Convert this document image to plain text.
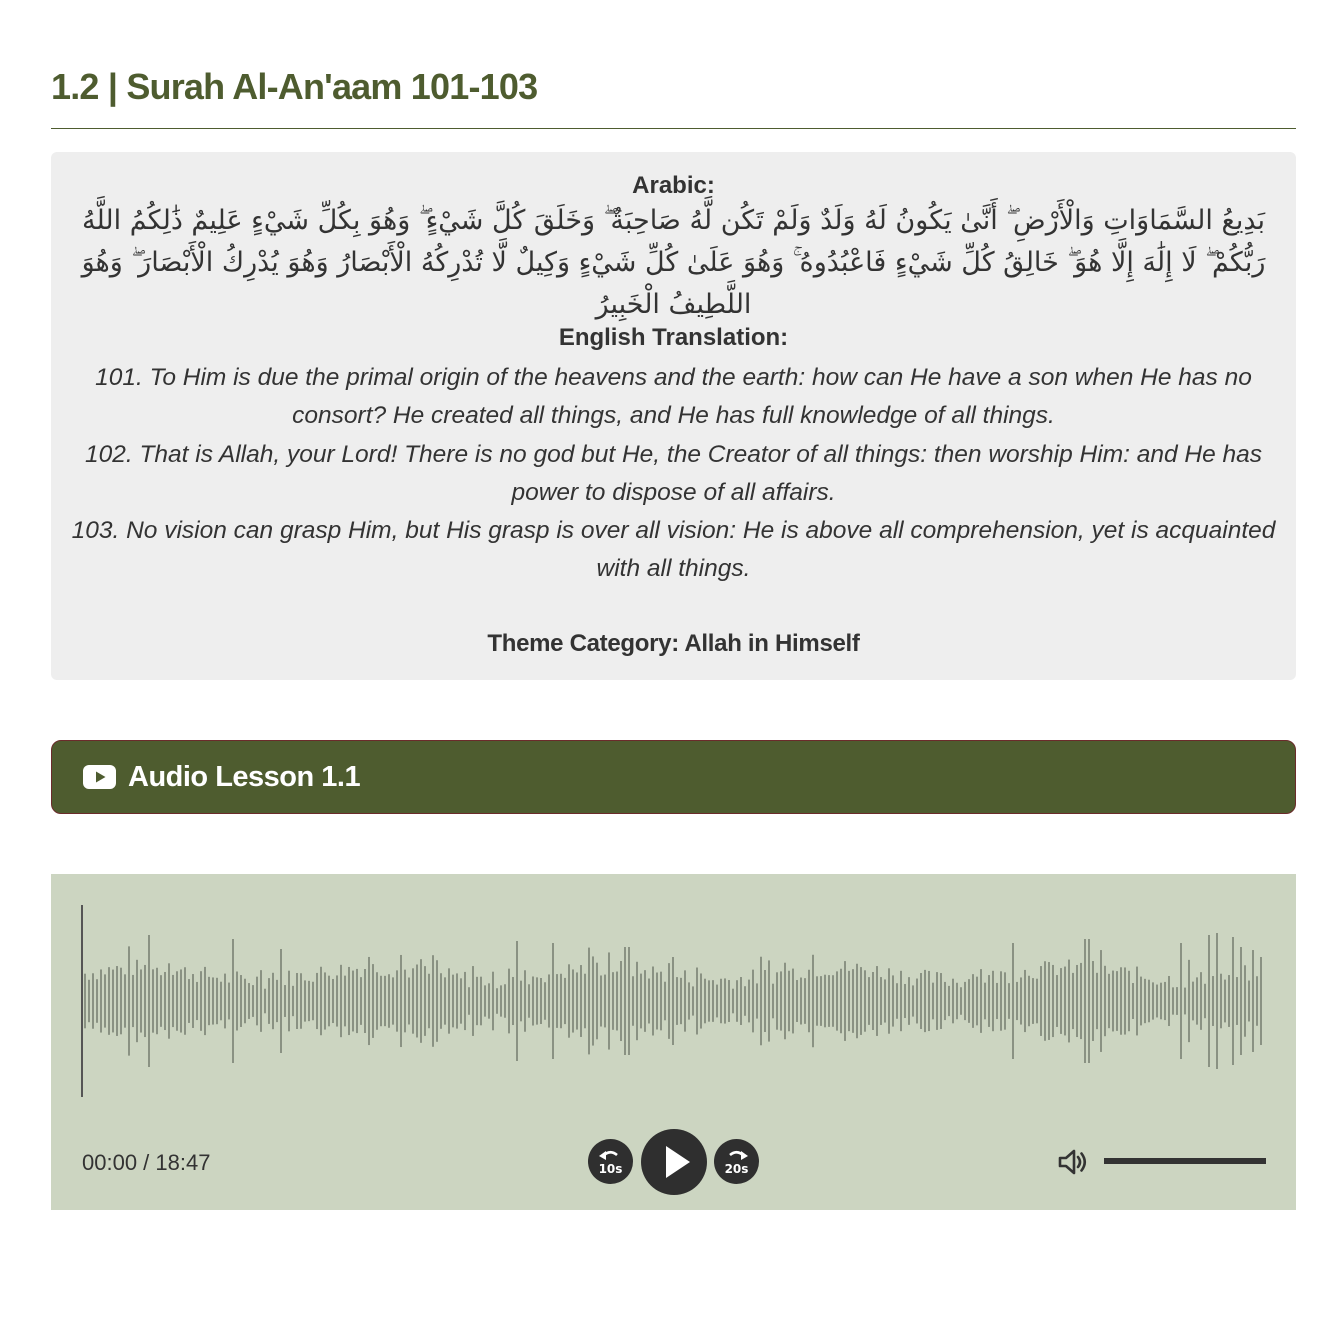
1.2 | Surah Al-An'aam 101-103
Arabic:
بَدِيعُ السَّمَاوَاتِ وَالْأَرْضِ ۖ أَنَّىٰ يَكُونُ لَهُ وَلَدٌ وَلَمْ تَكُن لَّهُ صَاحِبَةٌ ۖ وَخَلَقَ كُلَّ شَيْءٍ ۖ وَهُوَ بِكُلِّ شَيْءٍ عَلِيمٌ ذَٰلِكُمُ اللَّهُ رَبُّكُمْ ۖ لَا إِلَٰهَ إِلَّا هُوَ ۖ خَالِقُ كُلِّ شَيْءٍ فَاعْبُدُوهُ ۚ وَهُوَ عَلَىٰ كُلِّ شَيْءٍ وَكِيلٌ لَّا تُدْرِكُهُ الْأَبْصَارُ وَهُوَ يُدْرِكُ الْأَبْصَارَ ۖ وَهُوَ اللَّطِيفُ الْخَبِيرُ
English Translation:

101. To Him is due the primal origin of the heavens and the earth: how can He have a son when He has no consort? He created all things, and He has full knowledge of all things.

102. That is Allah, your Lord! There is no god but He, the Creator of all things: then worship Him: and He has power to dispose of all affairs.

103. No vision can grasp Him, but His grasp is over all vision: He is above all comprehension, yet is acquainted with all things.

Theme Category: Allah in Himself
Audio Lesson 1.1
00:00 / 18:47	10s	20s
